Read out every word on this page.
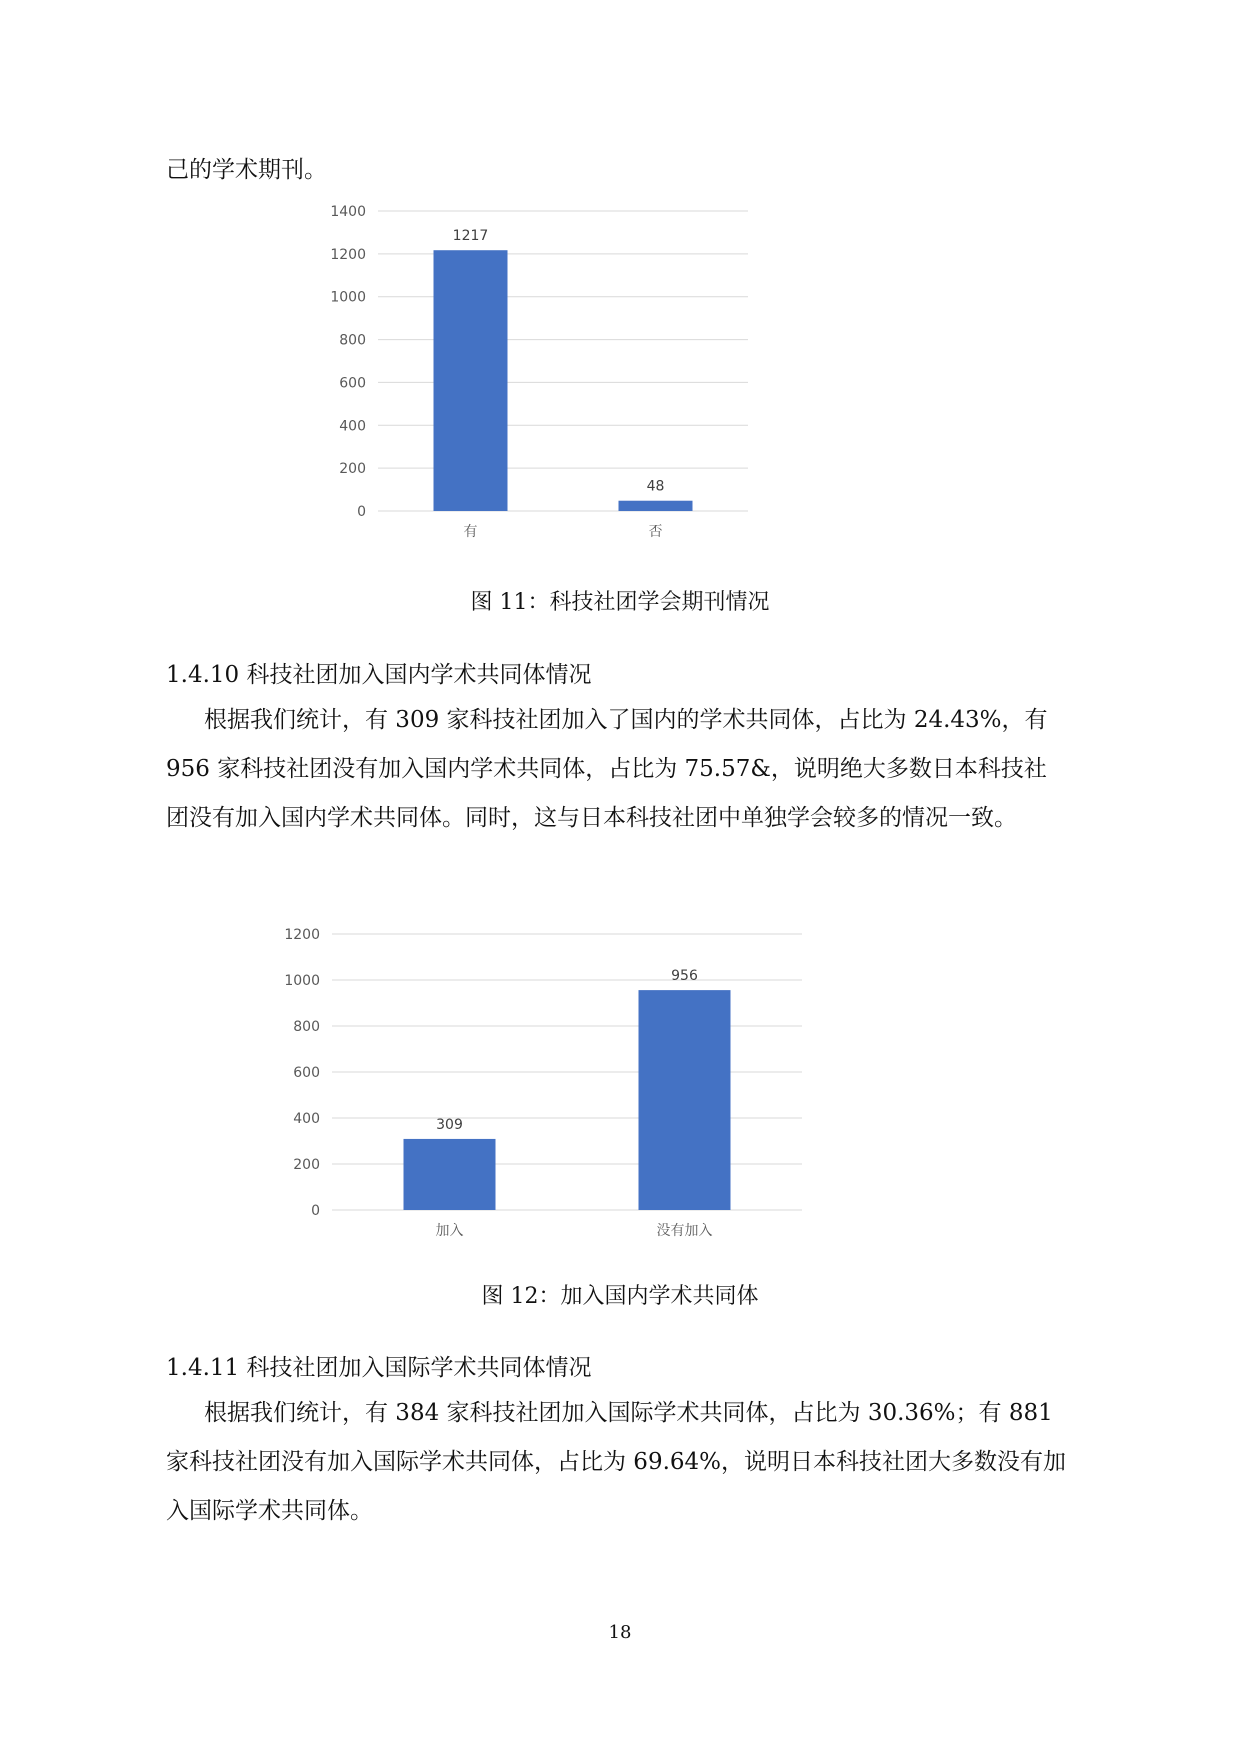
己的学术期刊。
0
200
400
600
800
1000
1200
1400
1217
有
48
否
图 11：科技社团学会期刊情况
1.4.10 科技社团加入国内学术共同体情况
根据我们统计，有 309 家科技社团加入了国内的学术共同体，占比为 24.43%，有 956 家科技社团没有加入国内学术共同体，占比为 75.57&，说明绝大多数日本科技社团没有加入国内学术共同体。同时，这与日本科技社团中单独学会较多的情况一致。
0
200
400
600
800
1000
1200
309
加入
956
没有加入
图 12：加入国内学术共同体
1.4.11 科技社团加入国际学术共同体情况
根据我们统计，有 384 家科技社团加入国际学术共同体，占比为 30.36%；有 881 家科技社团没有加入国际学术共同体，占比为 69.64%，说明日本科技社团大多数没有加入国际学术共同体。
18
